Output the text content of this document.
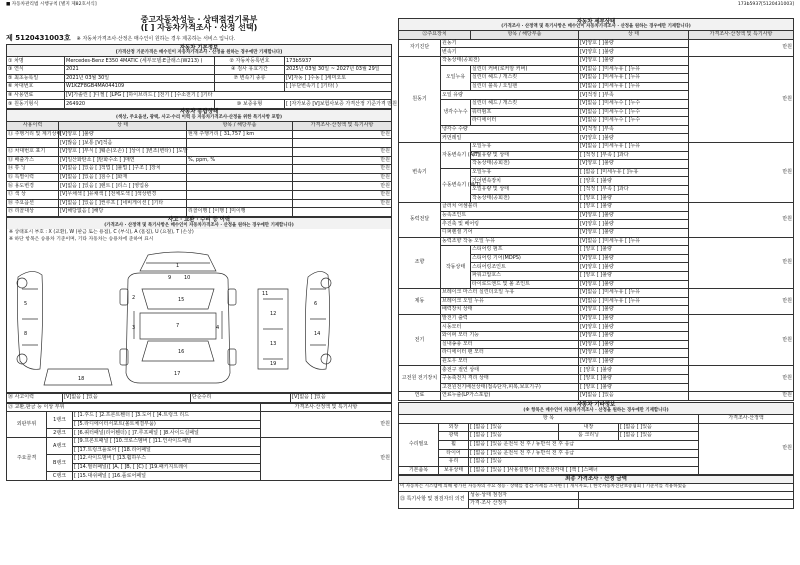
■ 자동차관리법 시행규칙 [별지 제82호서식]	173b5937[5120431003]
중고자동차성능 · 상태점검기록부
([ ] 자동차가격조사 · 산정 선택)
제 5120431003호 ※ 자동차가격조사·산정은 매수인이 원하는 경우 제공하는 서비스 입니다.
자동차 기본정보
[가격산정 기준가격은 매수인이 자동차가격조사 · 산정을 원하는 경우에만 기재합니다]
① 차명	Mercedes-Benz E350 4MATIC (세부모델:E클래스(W213) )	② 자동차등록번호	173b5937
③ 연식	2021	④ 검사 유효기간	2025년 03월 30일 ~ 2027년 03월 29일
⑤ 최초등록일	2021년 03월 30일	⑦ 변속기 종류	[V]자동 [ ]수동 [ ]세미오토
⑥ 차대번호	W1KZF8GB4MA044109		[ ]무단변속기 [ ]기타( )
⑧ 사용연료	[V]가솔린 [ ]디젤 [ ]LPG [ ]하이브리드 [ ]전기 [ ]수소전기 [ ]기타		
⑨ 원동기형식	264920	⑩ 보증유형	[ ]자가보증 [V]보험사보증 가격산정 기준가격 만원
자동차 종합상태
(색상, 주요옵션, 광택, 사고·수리 이력 등 자동차가격조사·산정을 위한 특기사항 포함)
사용이력	상 태	항목 / 해당부품	가격조사·산정액 및 특기사항
⑪ 주행거리 및 계기상태	[V]양호 [ ]불량	현재 주행거리 [ 31,757 ] km	만원
	[V]많음 [ ]보통 [V]적음		
⑫ 차대번호 표기	[V]양호 [ ]부식 [ ]훼손(오손) [ ]상이 [ ]변조(변타) [ ]도말		만원
⑬ 배출가스	[V]일산화탄소 [ ]탄화수소 [ ]매연	%, ppm, %	만원
⑭ 튜 닝	[V]없음 [ ]있음 [ ]적법 [ ]불법 [ ]구조 [ ]장치		만원
⑮ 특별이력	[V]없음 [ ]있음 [ ]침수 [ ]화재		만원
⑯ 용도변경	[V]없음 [ ]있음 [ ]렌트 [ ]리스 [ ]영업용		만원
⑰ 색 상	[V]무채색 [ ]유채색 [ ]전체도색 [ ]색상변경		만원
⑱ 주요옵션	[V]없음 [ ]있음 [ ]썬루프 [ ]네비게이션 [ ]기타		만원
⑲ 리콜대상	[V]해당없음 [ ]해당	리콜이행 [ ]이행 [ ]미이행	
사고 · 교환 · 수리 등 이력
(가격조사 · 산정액 및 특기사항은 매수인이 자동차가격조사 · 산정을 원하는 경우에만 기재합니다)
※ 상태표시 부호 : X (교환), W (판금 또는 용접), C (부식), A (흠집), U (요철), T (손상)
※ 하단 항목은 승용차 기준이며, 기타 자동차는 승용차에 준하여 표시
1
2
3	4
5	6
7
8
9	10
11
12
13
14
15
16
17
18
19
⑳ 사고이력	[V]없음 [ ]있음	단순수리	[V]없음 [ ]있음
㉑ 교환,판금 등 이상 부위			가격조사·산정액 및 특기사항
외판부위	1랭크	[ ]1.후드 [ ]2.프론트휀더 [ ]3.도어 [ ]4.트렁크 리드	만원
		[ ]5.라디에이터서포트(볼트체결부품)	
	2랭크	[ ]6.쿼터패널(리어휀더) [ ]7.루프패널 [ ]8.사이드실패널	
주요골격	A랭크	[ ]9.프론트패널 [ ]10.크로스멤버 [ ]11.인사이드패널	만원
		[ ]17.트렁크플로어 [ ]18.리어패널	
	B랭크	[ ]12.사이드멤버 [ ]13.휠하우스	
		[ ]14.필러패널([ ]A, [ ]B, [ ]C) [ ]19.패키지트레이	
	C랭크	[ ]15.대쉬패널 [ ]16.플로어패널	
자동차 세부상태
(가격조사 · 산정액 및 특기사항은 매수인이 자동차가격조사 · 산정을 원하는 경우에만 기재합니다)
㉒주요장치		항목 / 해당부품	상 태	가격조사·산정액 및 특기사항
자기진단	원동기		[V]양호 [ ]불량	만원
	변속기		[V]양호 [ ]불량	
원동기	작동상태(공회전)		[V]양호 [ ]불량	만원
	오일누유	실린더 커버(로커암 커버)	[V]없음 [ ]미세누유 [ ]누유	
		실린더 헤드 / 개스킷	[V]없음 [ ]미세누유 [ ]누유	
		실린더 블록 / 오일팬	[V]없음 [ ]미세누유 [ ]누유	
	오일 유량		[V]적정 [ ]부족	
	냉각수누수	실린더 헤드 / 개스킷	[V]없음 [ ]미세누수 [ ]누수	
		워터펌프	[V]없음 [ ]미세누수 [ ]누수	
		라디에이터	[V]없음 [ ]미세누수 [ ]누수	
	냉각수 수량		[V]적정 [ ]부족	
	커먼레일		[V]양호 [ ]불량	
변속기	자동변속기 (A/T)	오일누유	[V]없음 [ ]미세누유 [ ]누유	만원
		오일유량 및 상태	[ ]적정 [ ]부족 [ ]과다	
		작동상태(공회전)	[V]양호 [ ]불량	
	수동변속기 (M/T)	오일누유	[ ]없음 [ ]미세누유 [ ]누유	
		기어변속장치	[ ]양호 [ ]불량	
		오일유량 및 상태	[ ]적정 [ ]부족 [ ]과다	
		작동상태(공회전)	[ ]양호 [ ]불량	
동력전달	클러치 어셈블리		[ ]양호 [ ]불량	만원
	등속조인트		[V]양호 [ ]불량	
	추진축 및 베어링		[V]양호 [ ]불량	
	디퍼렌셜 기어		[V]양호 [ ]불량	
조향	동력조향 작동 오일 누유		[V]없음 [ ]미세누유 [ ]누유	만원
	작동상태	스티어링 펌프	[ ]양호 [ ]불량	
		스티어링 기어(MDPS)	[V]양호 [ ]불량	
		스티어링조인트	[V]양호 [ ]불량	
		파워고압호스	[ ]양호 [ ]불량	
		타이로드엔드 및 볼 조인트	[V]양호 [ ]불량	
제동	브레이크 마스터 실린더오일 누유		[V]없음 [ ]미세누유 [ ]누유	만원
	브레이크 오일 누유		[V]없음 [ ]미세누유 [ ]누유	
	배력장치 상태		[V]양호 [ ]불량	
전기	발전기 출력		[V]양호 [ ]불량	만원
	시동모터		[V]양호 [ ]불량	
	와이퍼 모터 기능		[V]양호 [ ]불량	
	실내송풍 모터		[V]양호 [ ]불량	
	라디에이터 팬 모터		[V]양호 [ ]불량	
	윈도우 모터		[V]양호 [ ]불량	
고전원 전기장치	충전구 절연 상태		[ ]양호 [ ]불량	만원
	구동축전지 격리 상태		[ ]양호 [ ]불량	
	고전원전기배선상태(접속단자,피복,보호기구)		[ ]양호 [ ]불량	
연료	연료누출(LP가스포함)		[V]없음 [ ]있음	만원
자동차 기타정보
(※ 항목은 매수인이 자동차가격조사 · 산정을 원하는 경우에만 기재합니다)
항 목					가격조사·산정액
수리필요	외장	[ ]없음 [ ]있음	내장	[ ]없음 [ ]있음	만원
	광택	[ ]없음 [ ]있음	룸 크리닝	[ ]없음 [ ]있음	
	휠	[ ]없음 [ ]있음 운전석 전 후 / 동반석 전 후 응급			
	타이어	[ ]없음 [ ]있음 운전석 전 후 / 동반석 전 후 응급			
	유리	[ ]없음 [ ]있음			
기본품목	보유상태	[ ]없음 [ ]있음 [ ]사용설명서 [ ]안전삼각대 [ ]잭 [ ]스패너			
최종 가격조사 · 산정 금액
이 자동차는 시스템에 의해 평가된 자동차의 주요 성능 · 상태를 점검·시세를 조사한 [ ] 개시자료, [ 한국자동차진단보증협회 ] 기준서를 적용하였음
㉓ 특기사항 및 점검자의 의견	성능·상태 점검자	
	가격·조사 산정자	
